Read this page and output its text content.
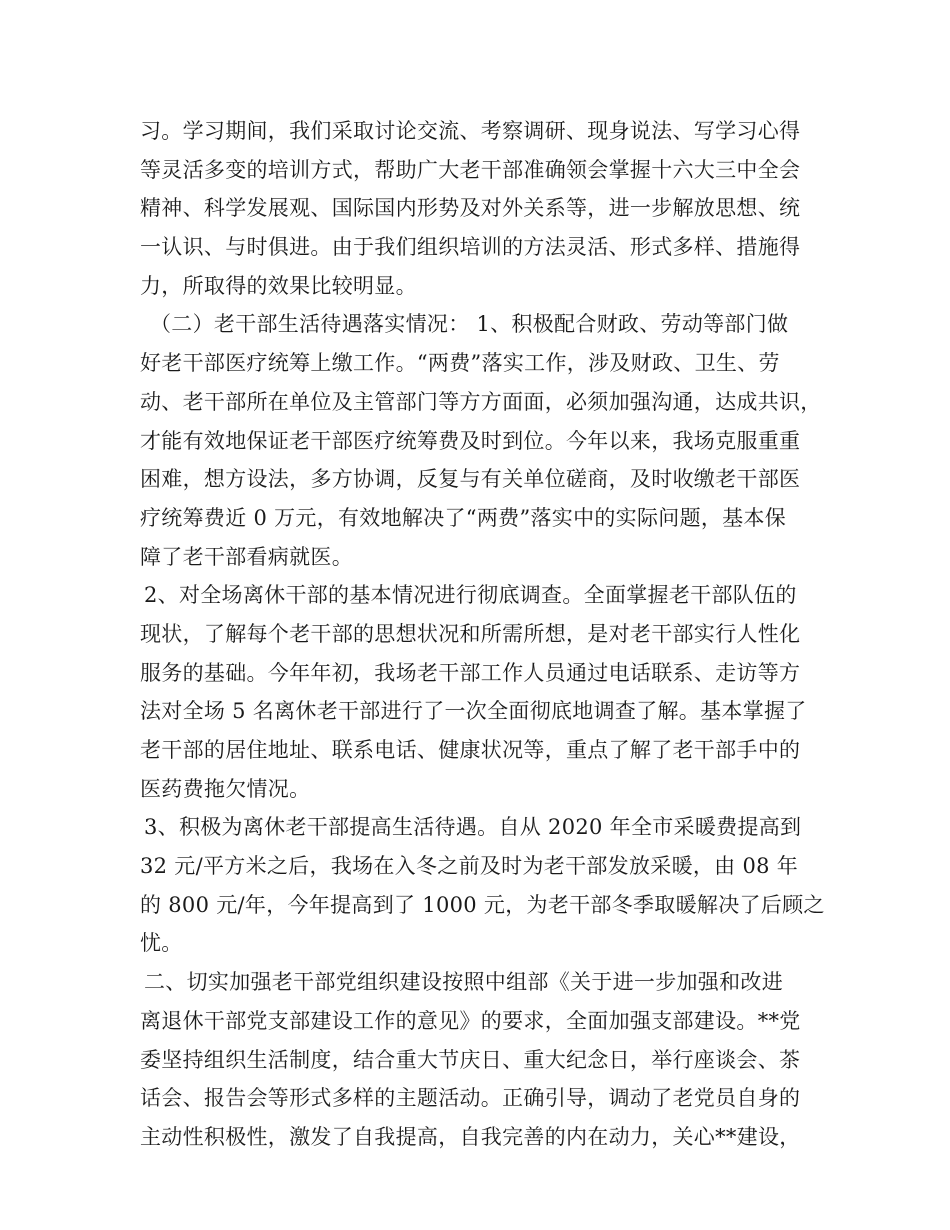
习。学习期间，我们采取讨论交流、考察调研、现身说法、写学习心得
等灵活多变的培训方式，帮助广大老干部准确领会掌握十六大三中全会
精神、科学发展观、国际国内形势及对外关系等，进一步解放思想、统
一认识、与时俱进。由于我们组织培训的方法灵活、形式多样、措施得
力，所取得的效果比较明显。
（二）老干部生活待遇落实情况： 1、积极配合财政、劳动等部门做
好老干部医疗统筹上缴工作。“两费”落实工作，涉及财政、卫生、劳
动、老干部所在单位及主管部门等方方面面，必须加强沟通，达成共识，
才能有效地保证老干部医疗统筹费及时到位。今年以来，我场克服重重
困难，想方设法，多方协调，反复与有关单位磋商，及时收缴老干部医
疗统筹费近 0 万元，有效地解决了“两费”落实中的实际问题，基本保
障了老干部看病就医。
2、对全场离休干部的基本情况进行彻底调查。全面掌握老干部队伍的
现状，了解每个老干部的思想状况和所需所想，是对老干部实行人性化
服务的基础。今年年初，我场老干部工作人员通过电话联系、走访等方
法对全场 5 名离休老干部进行了一次全面彻底地调查了解。基本掌握了
老干部的居住地址、联系电话、健康状况等，重点了解了老干部手中的
医药费拖欠情况。
3、积极为离休老干部提高生活待遇。自从 2020 年全市采暖费提高到
32 元/平方米之后，我场在入冬之前及时为老干部发放采暖，由 08 年
的 800 元/年，今年提高到了 1000 元，为老干部冬季取暖解决了后顾之
忧。
二、切实加强老干部党组织建设按照中组部《关于进一步加强和改进
离退休干部党支部建设工作的意见》的要求，全面加强支部建设。**党
委坚持组织生活制度，结合重大节庆日、重大纪念日，举行座谈会、茶
话会、报告会等形式多样的主题活动。正确引导，调动了老党员自身的
主动性积极性，激发了自我提高，自我完善的内在动力，关心**建设，
